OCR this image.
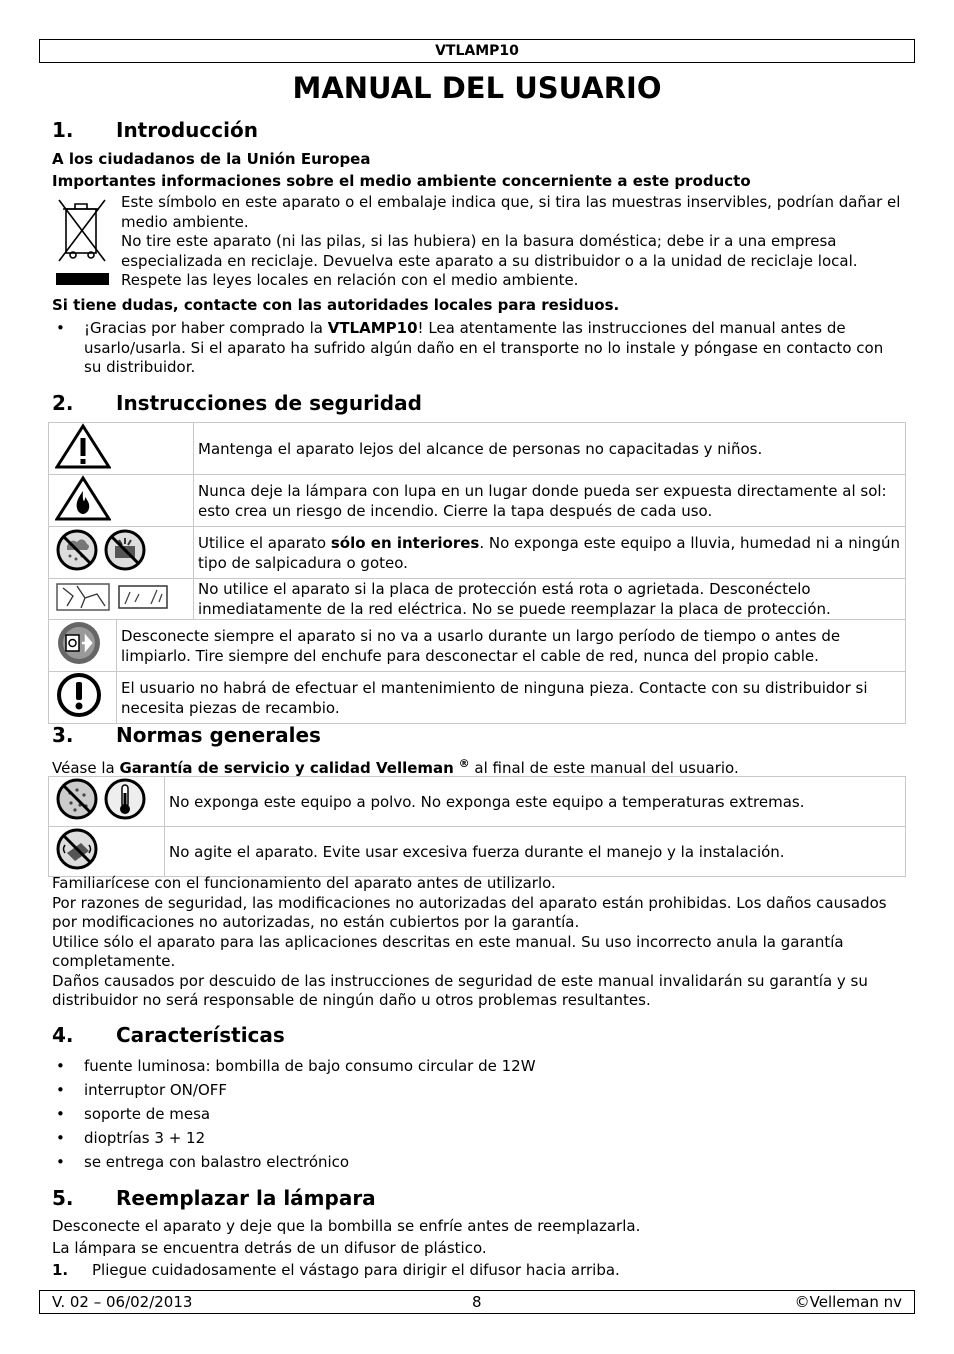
VTLAMP10
MANUAL DEL USUARIO
1. Introducción
A los ciudadanos de la Unión Europea
Importantes informaciones sobre el medio ambiente concerniente a este producto
Este símbolo en este aparato o el embalaje indica que, si tira las muestras inservibles, podrían dañar el medio ambiente.
No tire este aparato (ni las pilas, si las hubiera) en la basura doméstica; debe ir a una empresa especializada en reciclaje. Devuelva este aparato a su distribuidor o a la unidad de reciclaje local. Respete las leyes locales en relación con el medio ambiente.
Si tiene dudas, contacte con las autoridades locales para residuos.
• ¡Gracias por haber comprado la VTLAMP10! Lea atentamente las instrucciones del manual antes de usarlo/usarla. Si el aparato ha sufrido algún daño en el transporte no lo instale y póngase en contacto con su distribuidor.
2. Instrucciones de seguridad
	Mantenga el aparato lejos del alcance de personas no capacitadas y niños.

	Nunca deje la lámpara con lupa en un lugar donde pueda ser expuesta directamente al sol: esto crea un riesgo de incendio. Cierre la tapa después de cada uso.

	Utilice el aparato sólo en interiores. No exponga este equipo a lluvia, humedad ni a ningún tipo de salpicadura o goteo.

	No utilice el aparato si la placa de protección está rota o agrietada. Desconéctelo inmediatamente de la red eléctrica. No se puede reemplazar la placa de protección.

	Desconecte siempre el aparato si no va a usarlo durante un largo período de tiempo o antes de limpiarlo. Tire siempre del enchufe para desconectar el cable de red, nunca del propio cable.	

	El usuario no habrá de efectuar el mantenimiento de ninguna pieza. Contacte con su distribuidor si necesita piezas de recambio.	
3. Normas generales
Véase la Garantía de servicio y calidad Velleman ® al final de este manual del usuario.
	No exponga este equipo a polvo. No exponga este equipo a temperaturas extremas.

	No agite el aparato. Evite usar excesiva fuerza durante el manejo y la instalación.
Familiarícese con el funcionamiento del aparato antes de utilizarlo.
Por razones de seguridad, las modificaciones no autorizadas del aparato están prohibidas. Los daños causados por modificaciones no autorizadas, no están cubiertos por la garantía.
Utilice sólo el aparato para las aplicaciones descritas en este manual. Su uso incorrecto anula la garantía completamente.
Daños causados por descuido de las instrucciones de seguridad de este manual invalidarán su garantía y su distribuidor no será responsable de ningún daño u otros problemas resultantes.
4. Características
• fuente luminosa: bombilla de bajo consumo circular de 12W
• interruptor ON/OFF
• soporte de mesa
• dioptrías 3 + 12
• se entrega con balastro electrónico
5. Reemplazar la lámpara
Desconecte el aparato y deje que la bombilla se enfríe antes de reemplazarla.
La lámpara se encuentra detrás de un difusor de plástico.
1. Pliegue cuidadosamente el vástago para dirigir el difusor hacia arriba.
V. 02 – 06/02/2013	8	©Velleman nv
